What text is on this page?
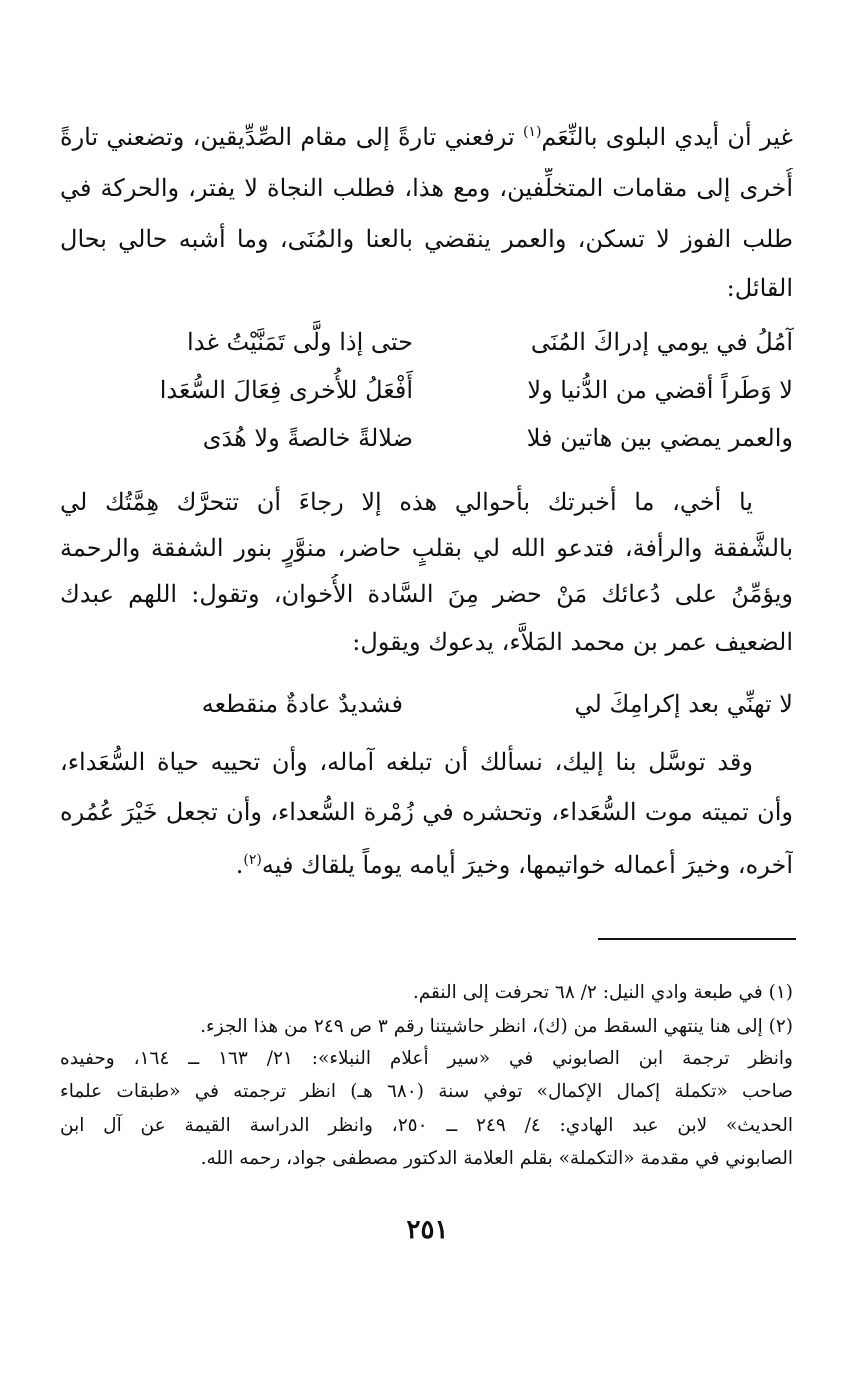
غير أن أيدي البلوى بالنِّعَم$^{(١)}$ ترفعني تارةً إلى مقام الصِّدِّيقين، وتضعني تارةً
أُخرى إلى مقامات المتخلِّفين، ومع هذا، فطلب النجاة لا يفتر، والحركة في
طلب الفوز لا تسكن، والعمر ينقضي بالعنا والمُنَى، وما أشبه حالي بحال
القائل:
آمُلُ في يومي إدراكَ المُنَى
حتى إذا ولَّى تَمَنَّيْتُ غدا
لا وَطَراً أقضي من الدُّنيا ولا
أَفْعَلُ للأُخرى فِعَالَ السُّعَدا
والعمر يمضي بين هاتين فلا
ضلالةً خالصةً ولا هُدَى
يا أخي، ما أخبرتك بأحوالي هذه إلا رجاءَ أن تتحرَّك هِمَّتُك لي
بالشَّفقة والرأفة، فتدعو الله لي بقلبٍ حاضر، منوَّرٍ بنور الشفقة والرحمة
ويؤمِّنُ على دُعائك مَنْ حضر مِنَ السَّادة الأُخوان، وتقول: اللهم عبدك
الضعيف عمر بن محمد المَلاَّء، يدعوك ويقول:
لا تهنِّي بعد إكرامِكَ لي
فشديدٌ عادةٌ منقطعه
وقد توسَّل بنا إليك، نسألك أن تبلغه آماله، وأن تحييه حياة السُّعَداء،
وأن تميته موت السُّعَداء، وتحشره في زُمْرة السُّعداء، وأن تجعل خَيْرَ عُمُره
آخره، وخيرَ أعماله خواتيمها، وخيرَ أيامه يوماً يلقاك فيه$^{(٢)}$.
(١) في طبعة وادي النيل: ٢/ ٦٨ تحرفت إلى النقم.
(٢) إلى هنا ينتهي السقط من (ك)، انظر حاشيتنا رقم ٣ ص ٢٤٩ من هذا الجزء.
وانظر ترجمة ابن الصابوني في «سير أعلام النبلاء»: ٢١/ ١٦٣ ــ ١٦٤، وحفيده
صاحب «تكملة إكمال الإكمال» توفي سنة (٦٨٠ هـ) انظر ترجمته في «طبقات علماء
الحديث» لابن عبد الهادي: ٤/ ٢٤٩ ــ ٢٥٠، وانظر الدراسة القيمة عن آل ابن
الصابوني في مقدمة «التكملة» بقلم العلامة الدكتور مصطفى جواد، رحمه الله.
٢٥١
